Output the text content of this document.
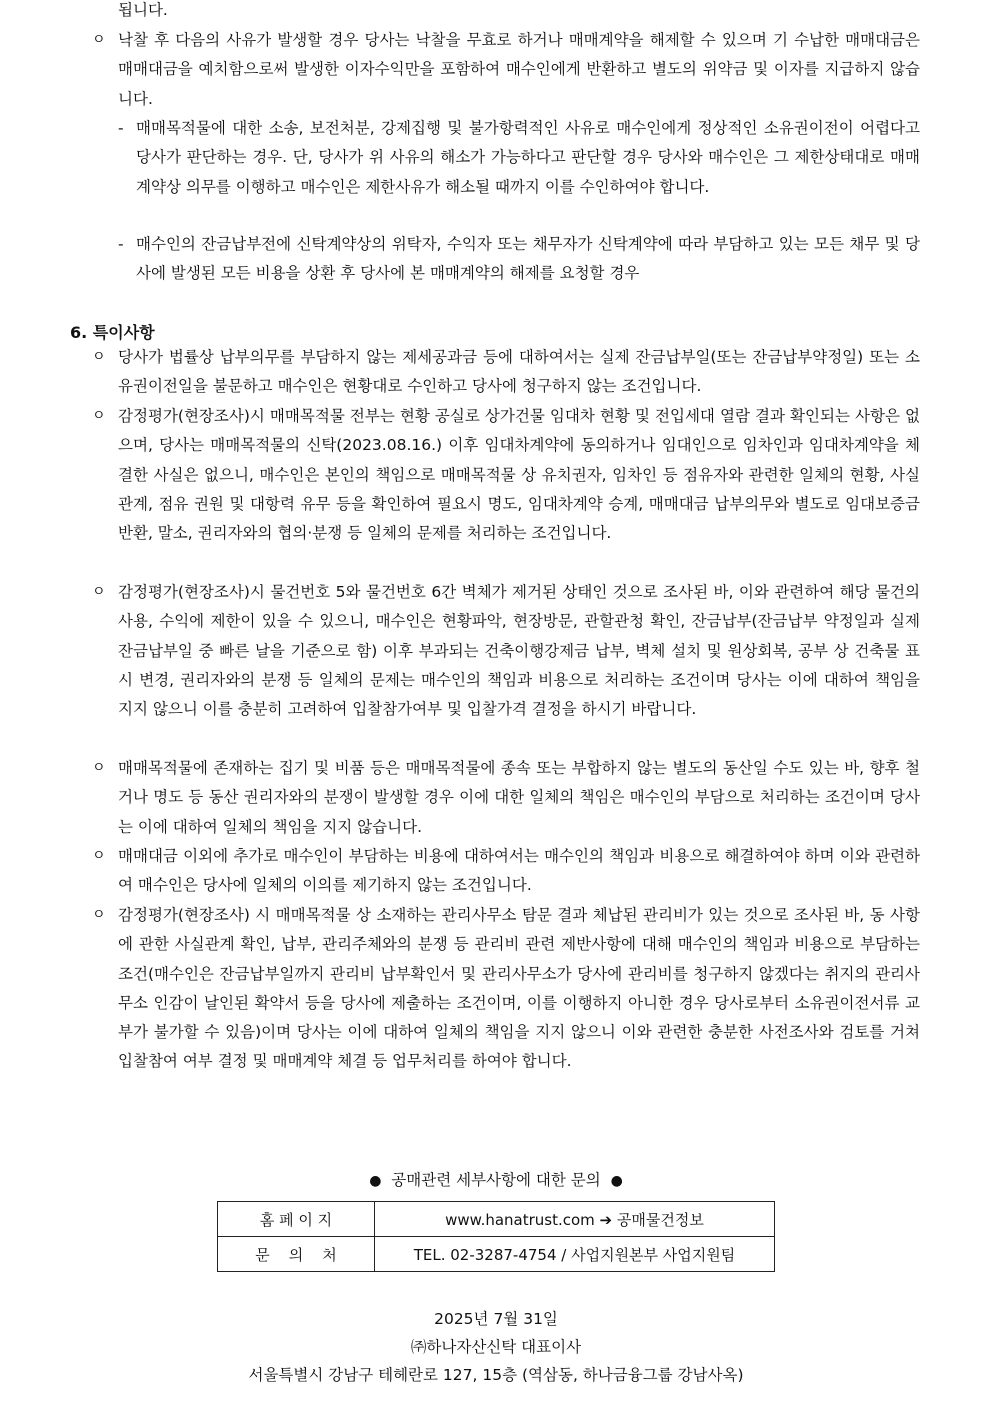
됩니다.
ㅇ 낙찰 후 다음의 사유가 발생할 경우 당사는 낙찰을 무효로 하거나 매매계약을 해제할 수 있으며 기 수납한 매매대금은 매매대금을 예치함으로써 발생한 이자수익만을 포함하여 매수인에게 반환하고 별도의 위약금 및 이자를 지급하지 않습니다.
- 매매목적물에 대한 소송, 보전처분, 강제집행 및 불가항력적인 사유로 매수인에게 정상적인 소유권이전이 어렵다고 당사가 판단하는 경우. 단, 당사가 위 사유의 해소가 가능하다고 판단할 경우 당사와 매수인은 그 제한상태대로 매매계약상 의무를 이행하고 매수인은 제한사유가 해소될 때까지 이를 수인하여야 합니다.
- 매수인의 잔금납부전에 신탁계약상의 위탁자, 수익자 또는 채무자가 신탁계약에 따라 부담하고 있는 모든 채무 및 당사에 발생된 모든 비용을 상환 후 당사에 본 매매계약의 해제를 요청할 경우
6. 특이사항
ㅇ 당사가 법률상 납부의무를 부담하지 않는 제세공과금 등에 대하여서는 실제 잔금납부일(또는 잔금납부약정일) 또는 소유권이전일을 불문하고 매수인은 현황대로 수인하고 당사에 청구하지 않는 조건입니다.
ㅇ 감정평가(현장조사)시 매매목적물 전부는 현황 공실로 상가건물 임대차 현황 및 전입세대 열람 결과 확인되는 사항은 없으며, 당사는 매매목적물의 신탁(2023.08.16.) 이후 임대차계약에 동의하거나 임대인으로 임차인과 임대차계약을 체결한 사실은 없으니, 매수인은 본인의 책임으로 매매목적물 상 유치권자, 임차인 등 점유자와 관련한 일체의 현황, 사실관계, 점유 권원 및 대항력 유무 등을 확인하여 필요시 명도, 임대차계약 승계, 매매대금 납부의무와 별도로 임대보증금 반환, 말소, 권리자와의 협의·분쟁 등 일체의 문제를 처리하는 조건입니다.
ㅇ 감정평가(현장조사)시 물건번호 5와 물건번호 6간 벽체가 제거된 상태인 것으로 조사된 바, 이와 관련하여 해당 물건의 사용, 수익에 제한이 있을 수 있으니, 매수인은 현황파악, 현장방문, 관할관청 확인, 잔금납부(잔금납부 약정일과 실제 잔금납부일 중 빠른 날을 기준으로 함) 이후 부과되는 건축이행강제금 납부, 벽체 설치 및 원상회복, 공부 상 건축물 표시 변경, 권리자와의 분쟁 등 일체의 문제는 매수인의 책임과 비용으로 처리하는 조건이며 당사는 이에 대하여 책임을 지지 않으니 이를 충분히 고려하여 입찰참가여부 및 입찰가격 결정을 하시기 바랍니다.
ㅇ 매매목적물에 존재하는 집기 및 비품 등은 매매목적물에 종속 또는 부합하지 않는 별도의 동산일 수도 있는 바, 향후 철거나 명도 등 동산 권리자와의 분쟁이 발생할 경우 이에 대한 일체의 책임은 매수인의 부담으로 처리하는 조건이며 당사는 이에 대하여 일체의 책임을 지지 않습니다.
ㅇ 매매대금 이외에 추가로 매수인이 부담하는 비용에 대하여서는 매수인의 책임과 비용으로 해결하여야 하며 이와 관련하여 매수인은 당사에 일체의 이의를 제기하지 않는 조건입니다.
ㅇ 감정평가(현장조사) 시 매매목적물 상 소재하는 관리사무소 탐문 결과 체납된 관리비가 있는 것으로 조사된 바, 동 사항에 관한 사실관계 확인, 납부, 관리주체와의 분쟁 등 관리비 관련 제반사항에 대해 매수인의 책임과 비용으로 부담하는 조건(매수인은 잔금납부일까지 관리비 납부확인서 및 관리사무소가 당사에 관리비를 청구하지 않겠다는 취지의 관리사무소 인감이 날인된 확약서 등을 당사에 제출하는 조건이며, 이를 이행하지 아니한 경우 당사로부터 소유권이전서류 교부가 불가할 수 있음)이며 당사는 이에 대하여 일체의 책임을 지지 않으니 이와 관련한 충분한 사전조사와 검토를 거쳐 입찰참여 여부 결정 및 매매계약 체결 등 업무처리를 하여야 합니다.
● 공매관련 세부사항에 대한 문의 ●
홈 페 이 지	www.hanatrust.com ➔ 공매물건정보
문    의    처	TEL. 02-3287-4754 / 사업지원본부 사업지원팀
2025년 7월 31일
㈜하나자산신탁 대표이사
서울특별시 강남구 테헤란로 127, 15층 (역삼동, 하나금융그룹 강남사옥)
